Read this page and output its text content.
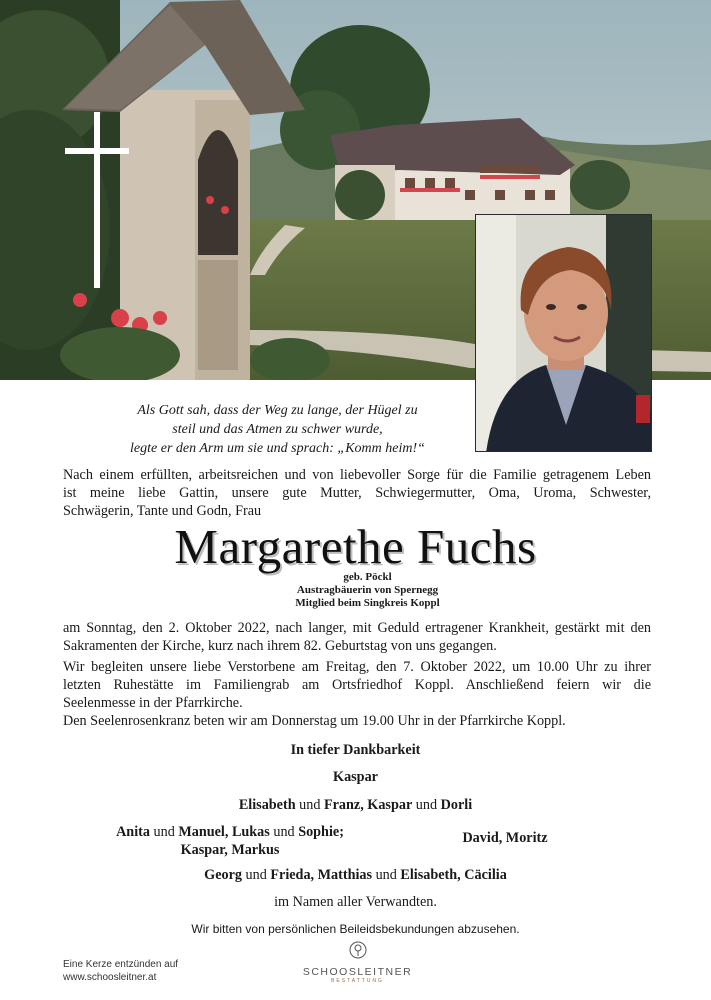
Als Gott sah, dass der Weg zu lange, der Hügel zu
steil und das Atmen zu schwer wurde,
legte er den Arm um sie und sprach: „Komm heim!“
Nach einem erfüllten, arbeitsreichen und von liebevoller Sorge für die Familie getragenem Leben
ist meine liebe Gattin, unsere gute Mutter, Schwiegermutter, Oma, Uroma, Schwester,
Schwägerin, Tante und Godn, Frau
Margarethe Fuchs
geb. Pöckl
Austragbäuerin von Spernegg
Mitglied beim Singkreis Koppl
am Sonntag, den 2. Oktober 2022, nach langer, mit Geduld ertragener Krankheit, gestärkt mit den
Sakramenten der Kirche, kurz nach ihrem 82. Geburtstag von uns gegangen.
Wir begleiten unsere liebe Verstorbene am Freitag, den 7. Oktober 2022, um 10.00 Uhr zu ihrer
letzten Ruhestätte im Familiengrab am Ortsfriedhof Koppl. Anschließend feiern wir die
Seelenmesse in der Pfarrkirche.
Den Seelenrosenkranz beten wir am Donnerstag um 19.00 Uhr in der Pfarrkirche Koppl.
In tiefer Dankbarkeit
Kaspar
Elisabeth und Franz, Kaspar und Dorli
Anita und Manuel, Lukas und Sophie;
Kaspar, Markus
David, Moritz
Georg und Frieda, Matthias und Elisabeth, Cäcilia
im Namen aller Verwandten.
Wir bitten von persönlichen Beileidsbekundungen abzusehen.
Eine Kerze entzünden auf
www.schoosleitner.at	SCHOOSLEITNER
BESTATTUNG
